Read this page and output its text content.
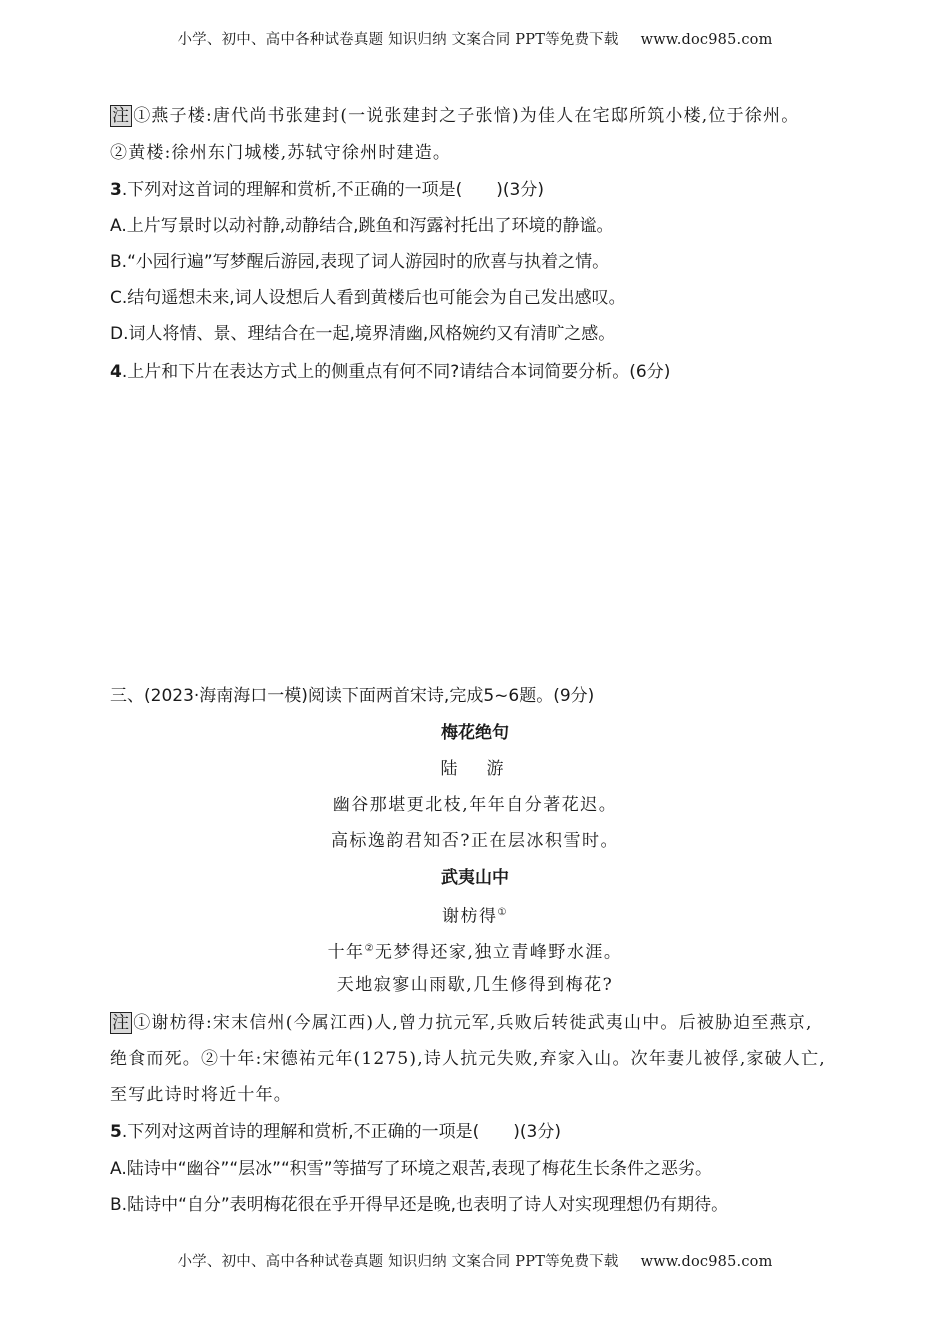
小学、初中、高中各种试卷真题 知识归纳 文案合同 PPT等免费下载 www.doc985.com
注 ①燕子楼:唐代尚书张建封(一说张建封之子张愔)为佳人在宅邸所筑小楼,位于徐州。
②黄楼:徐州东门城楼,苏轼守徐州时建造。
3.下列对这首词的理解和赏析,不正确的一项是(　　)(3分)
A.上片写景时以动衬静,动静结合,跳鱼和泻露衬托出了环境的静谧。
B.“小园行遍”写梦醒后游园,表现了词人游园时的欣喜与执着之情。
C.结句遥想未来,词人设想后人看到黄楼后也可能会为自己发出感叹。
D.词人将情、景、理结合在一起,境界清幽,风格婉约又有清旷之感。
4.上片和下片在表达方式上的侧重点有何不同?请结合本词简要分析。(6分)
三、(2023·海南海口一模)阅读下面两首宋诗,完成5~6题。(9分)
梅花绝句
陆　游
幽谷那堪更北枝,年年自分著花迟。
高标逸韵君知否?正在层冰积雪时。
武夷山中
谢枋得①
十年②无梦得还家,独立青峰野水涯。
天地寂寥山雨歇,几生修得到梅花?
注 ①谢枋得:宋末信州(今属江西)人,曾力抗元军,兵败后转徙武夷山中。后被胁迫至燕京,
绝食而死。②十年:宋德祐元年(1275),诗人抗元失败,弃家入山。次年妻儿被俘,家破人亡,
至写此诗时将近十年。
5.下列对这两首诗的理解和赏析,不正确的一项是(　　)(3分)
A.陆诗中“幽谷”“层冰”“积雪”等描写了环境之艰苦,表现了梅花生长条件之恶劣。
B.陆诗中“自分”表明梅花很在乎开得早还是晚,也表明了诗人对实现理想仍有期待。
小学、初中、高中各种试卷真题 知识归纳 文案合同 PPT等免费下载 www.doc985.com
